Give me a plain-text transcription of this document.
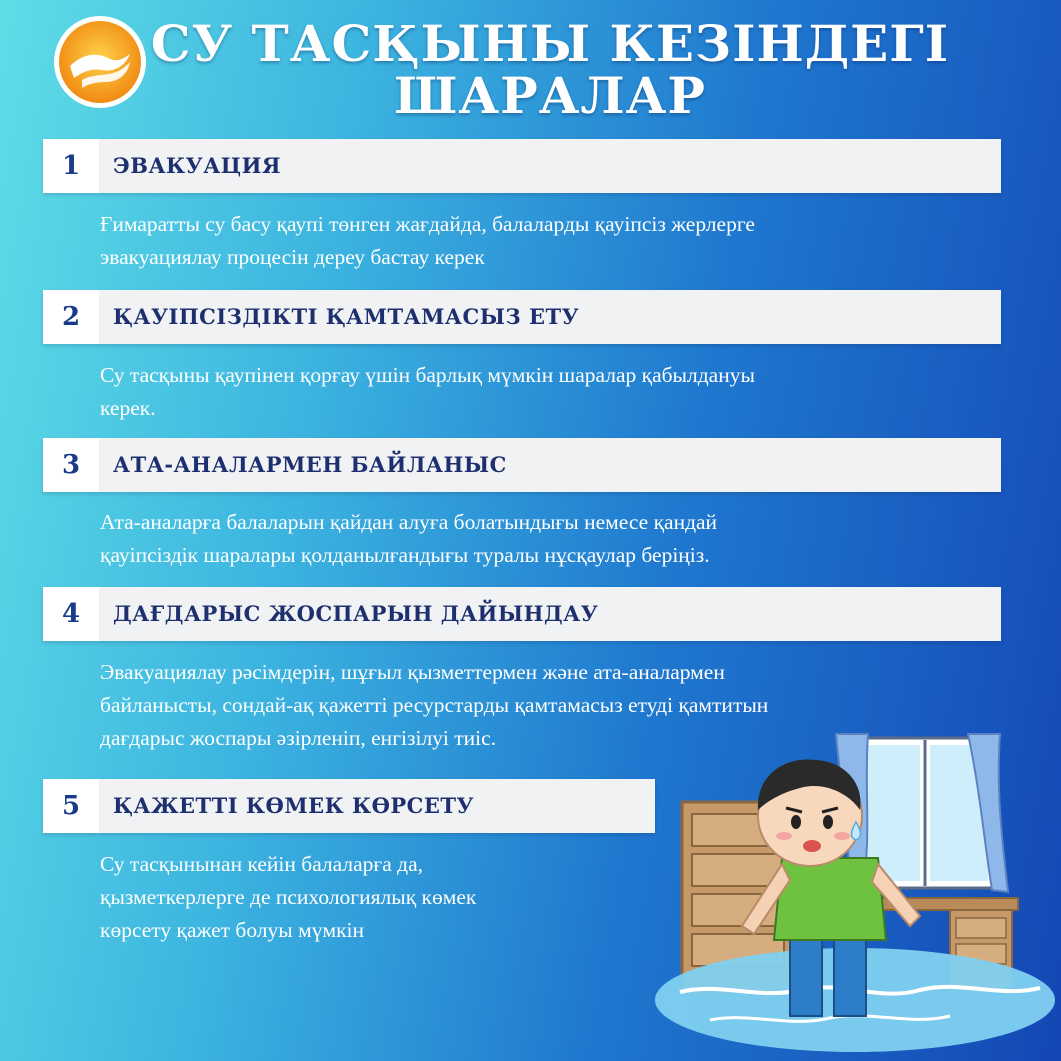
СУ ТАСҚЫНЫ КЕЗІНДЕГІ
ШАРАЛАР
1	ЭВАКУАЦИЯ
Ғимаратты су басу қаупі төнген жағдайда, балаларды қауіпсіз жерлерге
эвакуациялау процесін дереу бастау керек
2	ҚАУІПСІЗДІКТІ ҚАМТАМАСЫЗ ЕТУ
Су тасқыны қаупінен қорғау үшін барлық мүмкін шаралар қабылдануы
керек.
3	АТА-АНАЛАРМЕН БАЙЛАНЫС
Ата-аналарға балаларын қайдан алуға болатындығы немесе қандай
қауіпсіздік шаралары қолданылғандығы туралы нұсқаулар беріңіз.
4	ДАҒДАРЫС ЖОСПАРЫН ДАЙЫНДАУ
Эвакуациялау рәсімдерін, шұғыл қызметтермен және ата-аналармен
байланысты, сондай-ақ қажетті ресурстарды қамтамасыз етуді қамтитын
дағдарыс жоспары әзірленіп, енгізілуі тиіс.
5	ҚАЖЕТТІ КӨМЕК КӨРСЕТУ
Су тасқынынан кейін балаларға да,
қызметкерлерге де психологиялық көмек
көрсету қажет болуы мүмкін
